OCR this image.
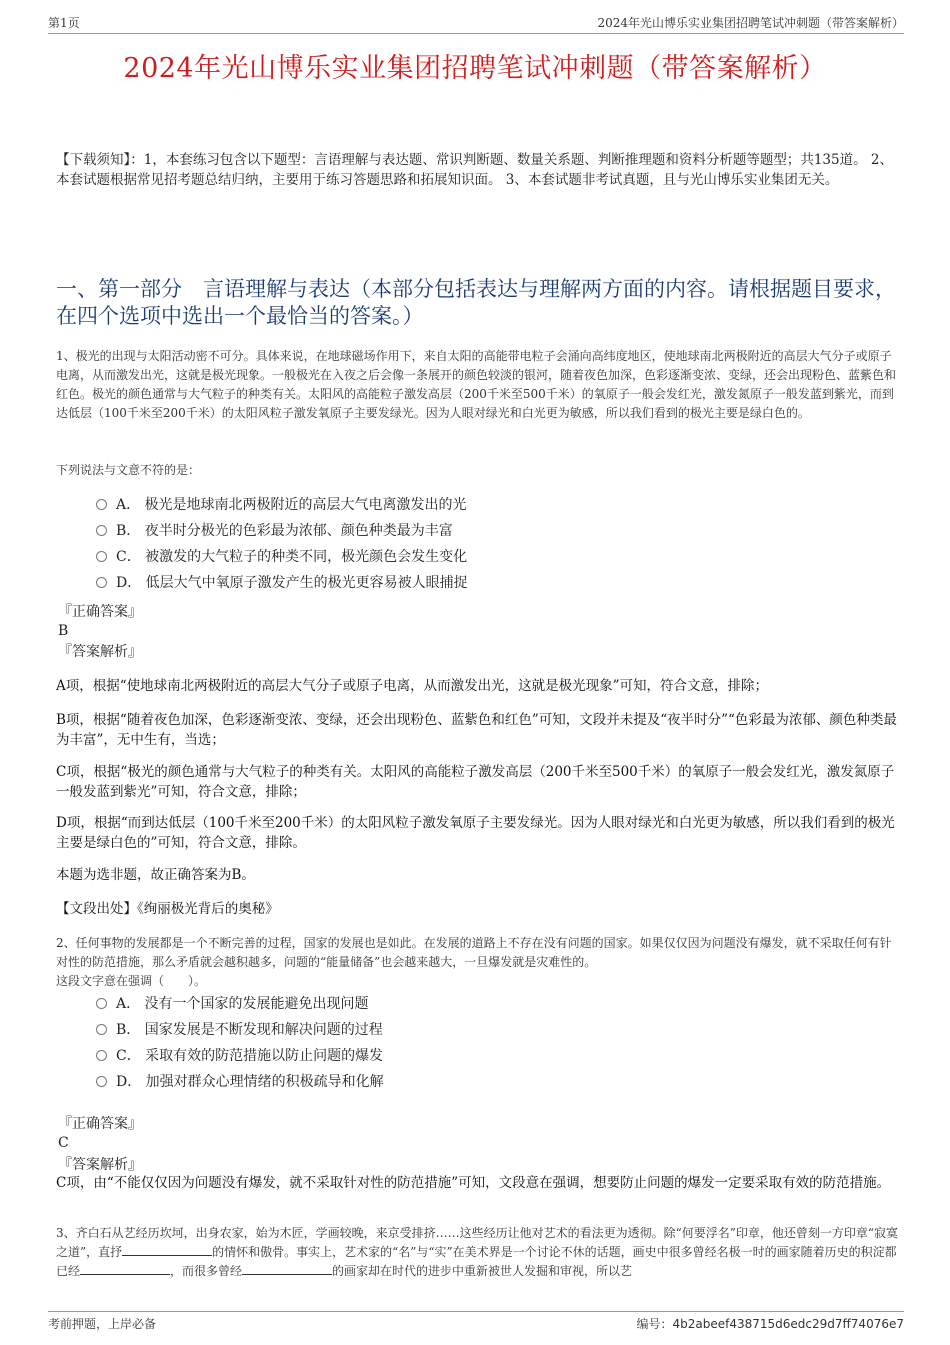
第1页	2024年光山博乐实业集团招聘笔试冲刺题（带答案解析）
2024年光山博乐实业集团招聘笔试冲刺题（带答案解析）
【下载须知】：1，本套练习包含以下题型：言语理解与表达题、常识判断题、数量关系题、判断推理题和资料分析题等题型；共135道。 2、本套试题根据常见招考题总结归纳，主要用于练习答题思路和拓展知识面。 3、本套试题非考试真题，且与光山博乐实业集团无关。
一、第一部分　言语理解与表达（本部分包括表达与理解两方面的内容。请根据题目要求，在四个选项中选出一个最恰当的答案。）
1、极光的出现与太阳活动密不可分。具体来说，在地球磁场作用下，来自太阳的高能带电粒子会涌向高纬度地区，使地球南北两极附近的高层大气分子或原子电离，从而激发出光，这就是极光现象。一般极光在入夜之后会像一条展开的颜色较淡的银河，随着夜色加深，色彩逐渐变浓、变绿，还会出现粉色、蓝紫色和红色。极光的颜色通常与大气粒子的种类有关。太阳风的高能粒子激发高层（200千米至500千米）的氧原子一般会发红光，激发氮原子一般发蓝到紫光，而到达低层（100千米至200千米）的太阳风粒子激发氧原子主要发绿光。因为人眼对绿光和白光更为敏感，所以我们看到的极光主要是绿白色的。
下列说法与文意不符的是：
A． 极光是地球南北两极附近的高层大气电离激发出的光
B． 夜半时分极光的色彩最为浓郁、颜色种类最为丰富
C． 被激发的大气粒子的种类不同，极光颜色会发生变化
D． 低层大气中氧原子激发产生的极光更容易被人眼捕捉
『正确答案』
B
『答案解析』
A项，根据“使地球南北两极附近的高层大气分子或原子电离，从而激发出光，这就是极光现象”可知，符合文意，排除；
B项，根据“随着夜色加深，色彩逐渐变浓、变绿，还会出现粉色、蓝紫色和红色”可知，文段并未提及“夜半时分”“色彩最为浓郁、颜色种类最为丰富”，无中生有，当选；
C项，根据“极光的颜色通常与大气粒子的种类有关。太阳风的高能粒子激发高层（200千米至500千米）的氧原子一般会发红光，激发氮原子一般发蓝到紫光”可知，符合文意，排除；
D项，根据“而到达低层（100千米至200千米）的太阳风粒子激发氧原子主要发绿光。因为人眼对绿光和白光更为敏感，所以我们看到的极光主要是绿白色的”可知，符合文意，排除。
本题为选非题，故正确答案为B。
【文段出处】《绚丽极光背后的奥秘》
2、任何事物的发展都是一个不断完善的过程，国家的发展也是如此。在发展的道路上不存在没有问题的国家。如果仅仅因为问题没有爆发，就不采取任何有针对性的防范措施，那么矛盾就会越积越多，问题的“能量储备”也会越来越大，一旦爆发就是灾难性的。
这段文字意在强调（　　）。
A． 没有一个国家的发展能避免出现问题
B． 国家发展是不断发现和解决问题的过程
C． 采取有效的防范措施以防止问题的爆发
D． 加强对群众心理情绪的积极疏导和化解
『正确答案』
C
『答案解析』
C项，由“不能仅仅因为问题没有爆发，就不采取针对性的防范措施”可知，文段意在强调，想要防止问题的爆发一定要采取有效的防范措施。
3、齐白石从艺经历坎坷，出身农家，始为木匠，学画较晚，来京受排挤……这些经历让他对艺术的看法更为透彻。除“何要浮名”印章，他还曾刻一方印章“寂寞之道”，直抒	的情怀和傲骨。事实上，艺术家的“名”与“实”在美术界是一个讨论不休的话题，画史中很多曾经名极一时的画家随着历史的积淀都已经	，而很多曾经	的画家却在时代的进步中重新被世人发掘和审视，所以艺
考前押题，上岸必备	编号：4b2abeef438715d6edc29d7ff74076e7
